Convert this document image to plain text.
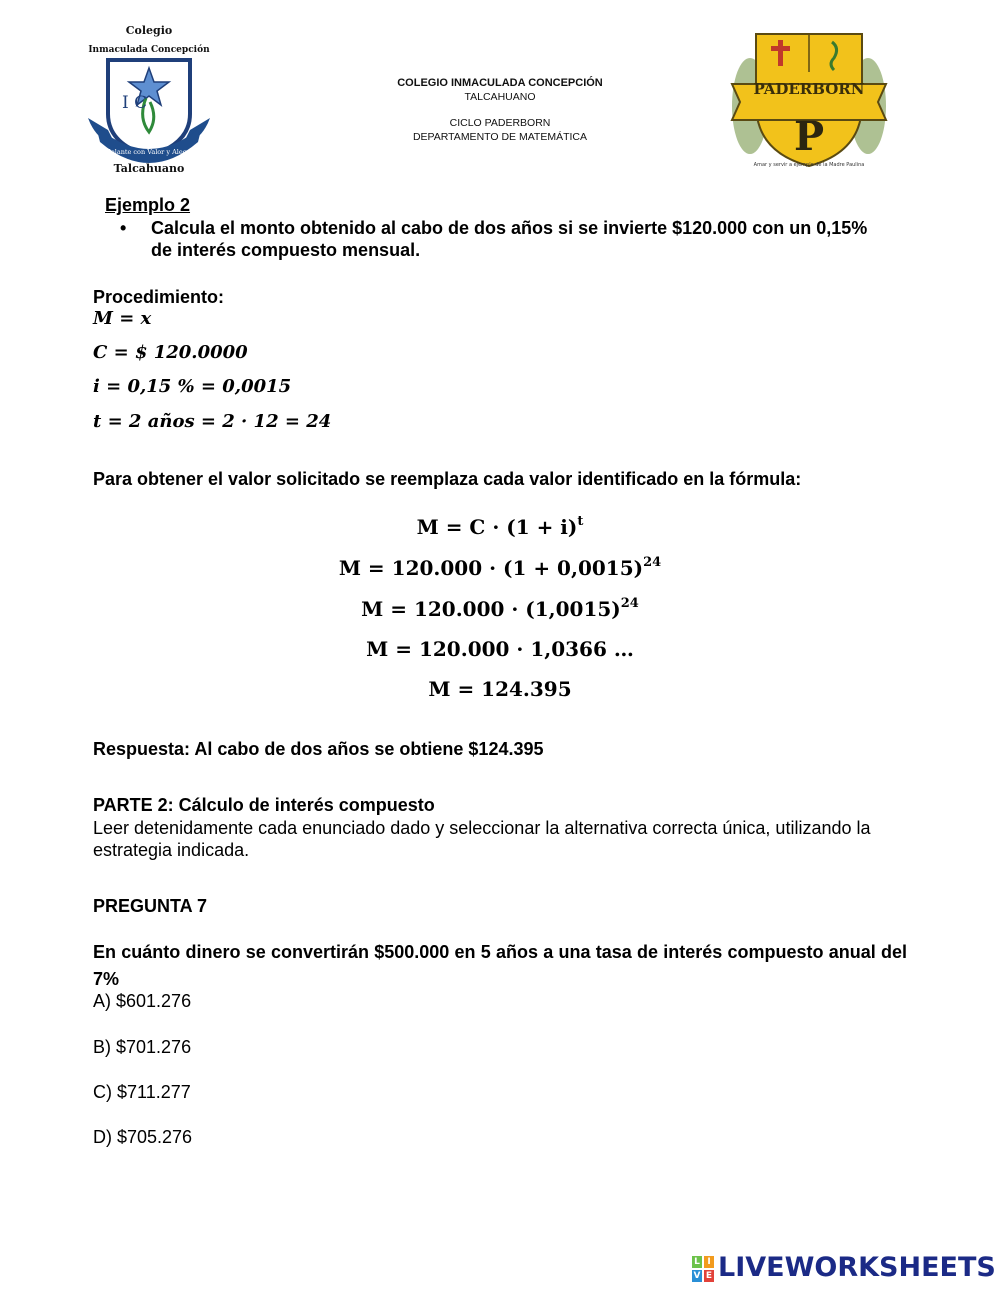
Colegio
Inmaculada Concepción
I C
Adelante con Valor y Alegría
Talcahuano
COLEGIO INMACULADA CONCEPCIÓN
TALCAHUANO
CICLO PADERBORN
DEPARTAMENTO DE MATEMÁTICA
PADERBORN
P
Amar y servir a ejemplo de la Madre Paulina
Ejemplo 2
• Calcula el monto obtenido al cabo de dos años si se invierte $120.000 con un 0,15% de interés compuesto mensual.
Procedimiento:
M = x
C = $ 120.0000
i = 0,15 % = 0,0015
t = 2 años = 2 · 12 = 24
Para obtener el valor solicitado se reemplaza cada valor identificado en la fórmula:
$M = C \cdot (1 + i)^t$
$M = 120.000 \cdot (1 + 0,0015)^{24}$
$M = 120.000 \cdot (1,0015)^{24}$
M = 120.000 · 1,0366 …
M = 124.395
Respuesta: Al cabo de dos años se obtiene $124.395
PARTE 2: Cálculo de interés compuesto
Leer detenidamente cada enunciado dado y seleccionar la alternativa correcta única, utilizando la estrategia indicada.
PREGUNTA 7
En cuánto dinero se convertirán $500.000 en 5 años a una tasa de interés compuesto anual del 7%
A) $601.276
B) $701.276
C) $711.277
D) $705.276
L I
V E LIVEWORKSHEETS
